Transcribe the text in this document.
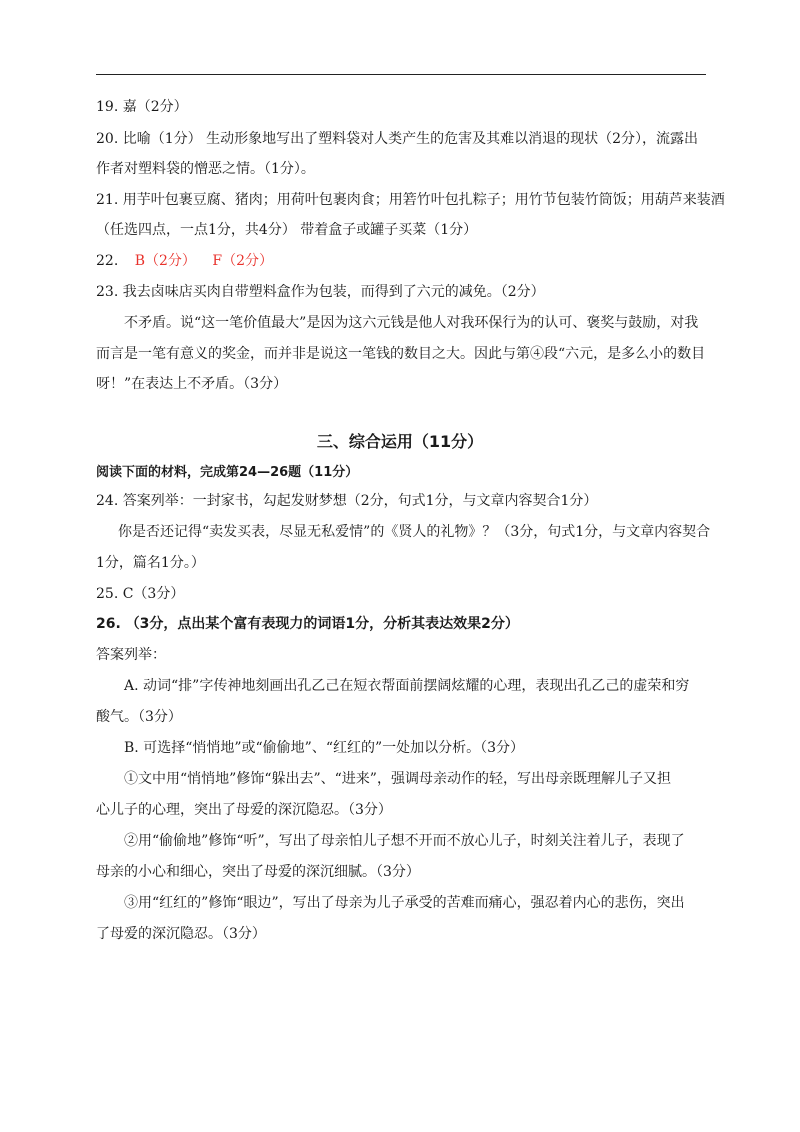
19. 嘉（2分）
20. 比喻（1分） 生动形象地写出了塑料袋对人类产生的危害及其难以消退的现状（2分），流露出
作者对塑料袋的憎恶之情。（1分）。
21. 用芋叶包裹豆腐、猪肉；用荷叶包裹肉食；用箬竹叶包扎粽子；用竹节包装竹筒饭；用葫芦来装酒
（任选四点，一点1分，共4分） 带着盒子或罐子买菜（1分）
22. B（2分） F（2分）
23. 我去卤味店买肉自带塑料盒作为包装，而得到了六元的减免。（2分）
不矛盾。说“这一笔价值最大”是因为这六元钱是他人对我环保行为的认可、褒奖与鼓励，对我
而言是一笔有意义的奖金，而并非是说这一笔钱的数目之大。因此与第④段“六元，是多么小的数目
呀！”在表达上不矛盾。（3分）
三、综合运用（11分）
阅读下面的材料，完成第24—26题（11分）
24. 答案列举：一封家书，勾起发财梦想（2分，句式1分，与文章内容契合1分）
你是否还记得“卖发买表，尽显无私爱情”的《贤人的礼物》？（3分，句式1分，与文章内容契合
1分，篇名1分。）
25. C（3分）
26. （3分，点出某个富有表现力的词语1分，分析其表达效果2分）
答案列举：
A. 动词“排”字传神地刻画出孔乙己在短衣帮面前摆阔炫耀的心理，表现出孔乙己的虚荣和穷
酸气。（3分）
B. 可选择“悄悄地”或“偷偷地”、“红红的”一处加以分析。（3分）
①文中用“悄悄地”修饰“躲出去”、“进来”，强调母亲动作的轻，写出母亲既理解儿子又担
心儿子的心理，突出了母爱的深沉隐忍。（3分）
②用“偷偷地”修饰“听”，写出了母亲怕儿子想不开而不放心儿子，时刻关注着儿子，表现了
母亲的小心和细心，突出了母爱的深沉细腻。（3分）
③用“红红的”修饰“眼边”，写出了母亲为儿子承受的苦难而痛心，强忍着内心的悲伤，突出
了母爱的深沉隐忍。（3分）
